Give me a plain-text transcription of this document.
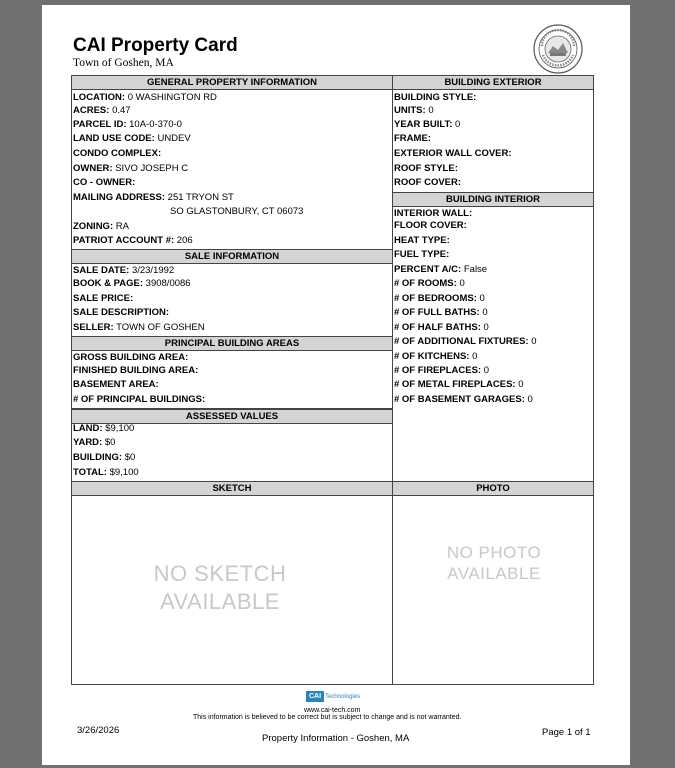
CAI Property Card
Town of Goshen, MA
GENERAL PROPERTY INFORMATION
LOCATION: 0 WASHINGTON RD
ACRES: 0.47
PARCEL ID: 10A-0-370-0
LAND USE CODE: UNDEV
CONDO COMPLEX:
OWNER: SIVO JOSEPH C
CO - OWNER:
MAILING ADDRESS: 251 TRYON ST
SO GLASTONBURY, CT 06073
ZONING: RA
PATRIOT ACCOUNT #: 206
SALE INFORMATION
SALE DATE: 3/23/1992
BOOK & PAGE: 3908/0086
SALE PRICE:
SALE DESCRIPTION:
SELLER: TOWN OF GOSHEN
PRINCIPAL BUILDING AREAS
GROSS BUILDING AREA:
FINISHED BUILDING AREA:
BASEMENT AREA:
# OF PRINCIPAL BUILDINGS:
ASSESSED VALUES
LAND: $9,100
YARD: $0
BUILDING: $0
TOTAL: $9,100
BUILDING EXTERIOR
BUILDING STYLE:
UNITS: 0
YEAR BUILT: 0
FRAME:
EXTERIOR WALL COVER:
ROOF STYLE:
ROOF COVER:
BUILDING INTERIOR
INTERIOR WALL:
FLOOR COVER:
HEAT TYPE:
FUEL TYPE:
PERCENT A/C: False
# OF ROOMS: 0
# OF BEDROOMS: 0
# OF FULL BATHS: 0
# OF HALF BATHS: 0
# OF ADDITIONAL FIXTURES: 0
# OF KITCHENS: 0
# OF FIREPLACES: 0
# OF METAL FIREPLACES: 0
# OF BASEMENT GARAGES: 0
SKETCH
NO SKETCH
AVAILABLE
PHOTO
NO PHOTO
AVAILABLE
CAI Technologies
www.cai-tech.com
This information is believed to be correct but is subject to change and is not warranted.
3/26/2026
Property Information - Goshen, MA
Page 1 of 1
